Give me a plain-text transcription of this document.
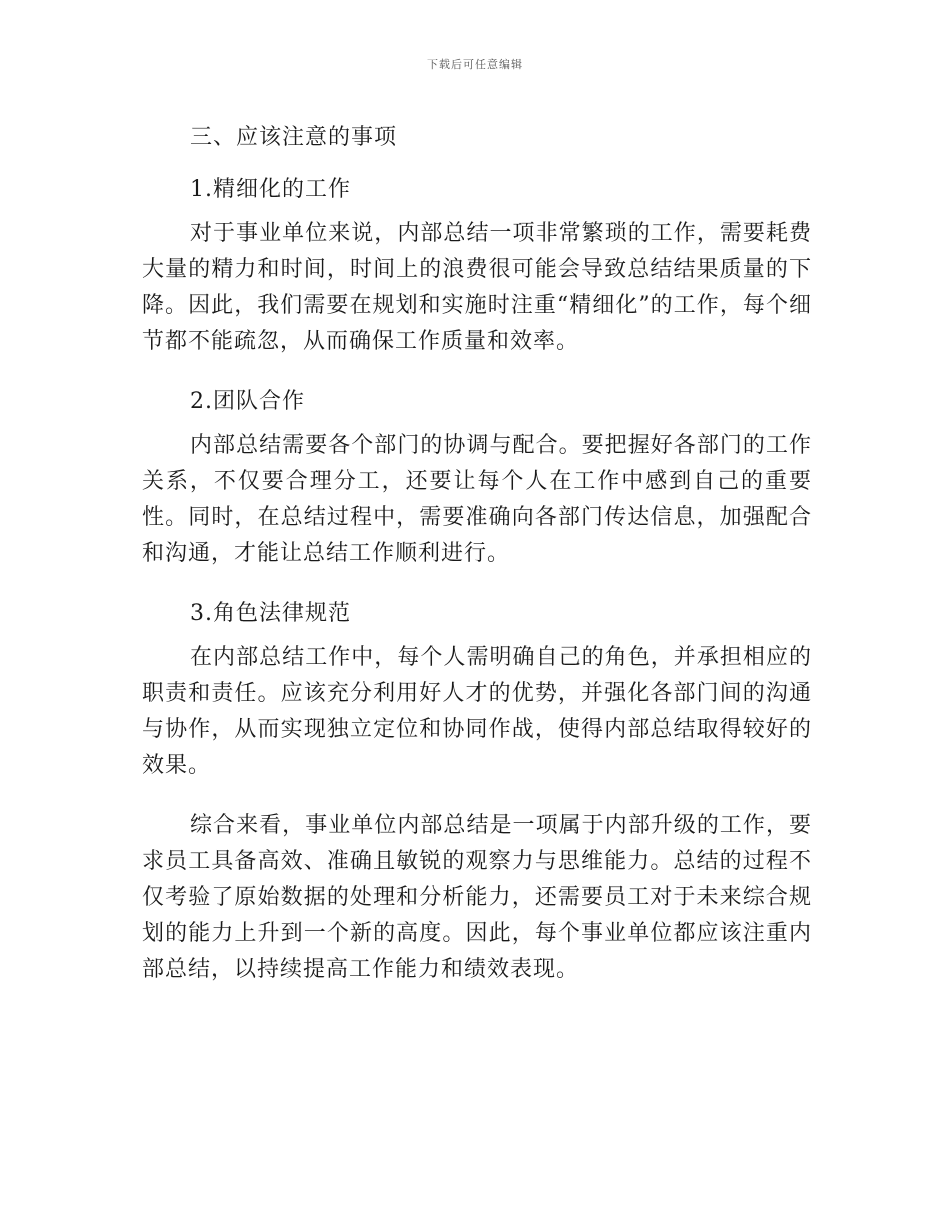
下载后可任意编辑
三、应该注意的事项
1.精细化的工作

对于事业单位来说，内部总结一项非常繁琐的工作，需要耗费大量的精力和时间，时间上的浪费很可能会导致总结结果质量的下降。因此，我们需要在规划和实施时注重“精细化”的工作，每个细节都不能疏忽，从而确保工作质量和效率。

2.团队合作

内部总结需要各个部门的协调与配合。要把握好各部门的工作关系，不仅要合理分工，还要让每个人在工作中感到自己的重要性。同时，在总结过程中，需要准确向各部门传达信息，加强配合和沟通，才能让总结工作顺利进行。

3.角色法律规范

在内部总结工作中，每个人需明确自己的角色，并承担相应的职责和责任。应该充分利用好人才的优势，并强化各部门间的沟通与协作，从而实现独立定位和协同作战，使得内部总结取得较好的效果。

综合来看，事业单位内部总结是一项属于内部升级的工作，要求员工具备高效、准确且敏锐的观察力与思维能力。总结的过程不仅考验了原始数据的处理和分析能力，还需要员工对于未来综合规划的能力上升到一个新的高度。因此，每个事业单位都应该注重内部总结，以持续提高工作能力和绩效表现。
